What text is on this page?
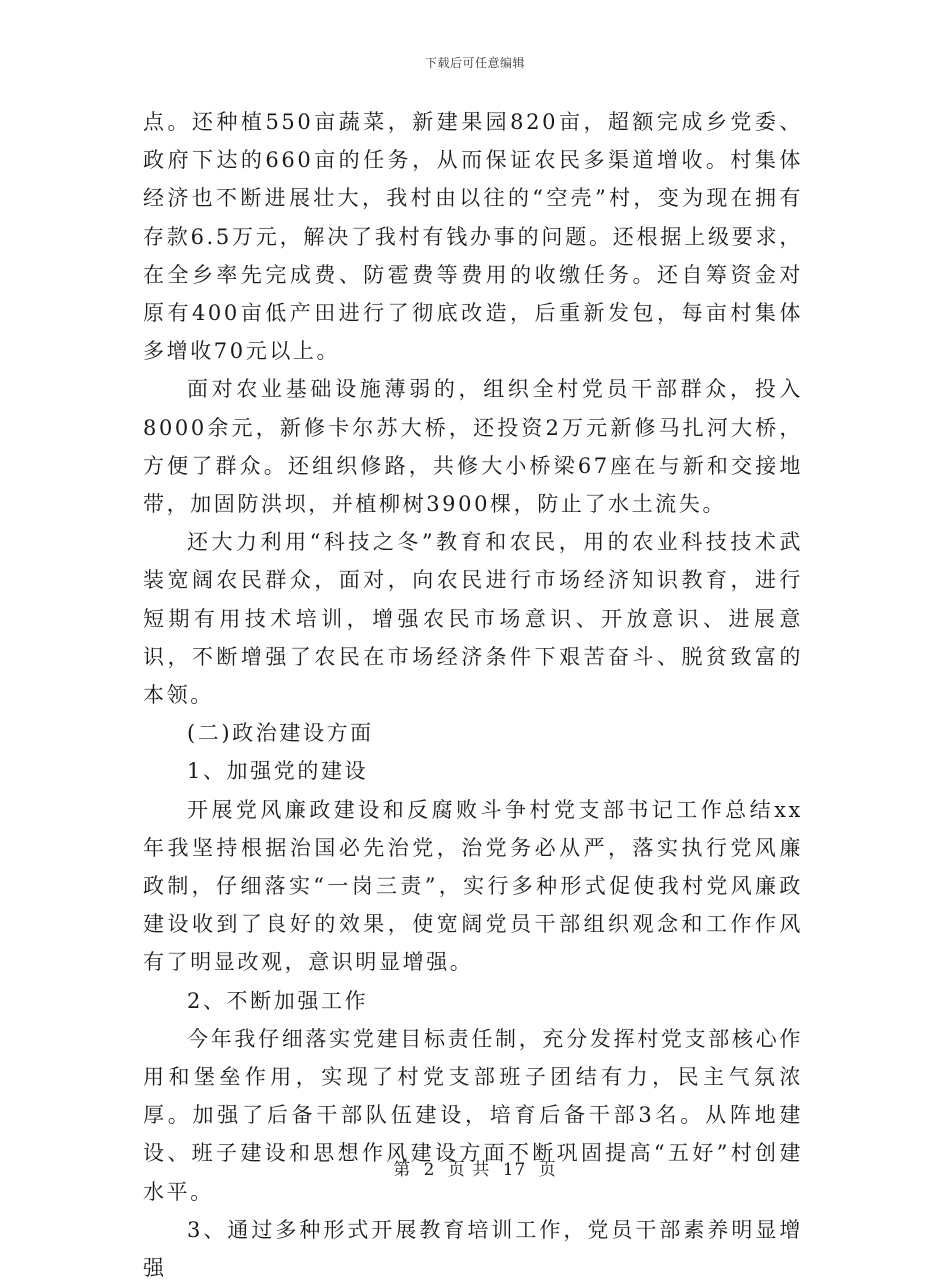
下载后可任意编辑

点。还种植550亩蔬菜，新建果园820亩，超额完成乡党委、政府下达的660亩的任务，从而保证农民多渠道增收。村集体经济也不断进展壮大，我村由以往的“空壳”村，变为现在拥有存款6.5万元，解决了我村有钱办事的问题。还根据上级要求，在全乡率先完成费、防雹费等费用的收缴任务。还自筹资金对原有400亩低产田进行了彻底改造，后重新发包，每亩村集体多增收70元以上。

面对农业基础设施薄弱的，组织全村党员干部群众，投入8000余元，新修卡尔苏大桥，还投资2万元新修马扎河大桥，方便了群众。还组织修路，共修大小桥梁67座在与新和交接地带，加固防洪坝，并植柳树3900棵，防止了水土流失。

还大力利用“科技之冬”教育和农民，用的农业科技技术武装宽阔农民群众，面对，向农民进行市场经济知识教育，进行短期有用技术培训，增强农民市场意识、开放意识、进展意识，不断增强了农民在市场经济条件下艰苦奋斗、脱贫致富的本领。

(二)政治建设方面

1、加强党的建设

开展党风廉政建设和反腐败斗争村党支部书记工作总结xx年我坚持根据治国必先治党，治党务必从严，落实执行党风廉政制，仔细落实“一岗三责”，实行多种形式促使我村党风廉政建设收到了良好的效果，使宽阔党员干部组织观念和工作作风有了明显改观，意识明显增强。

2、不断加强工作

今年我仔细落实党建目标责任制，充分发挥村党支部核心作用和堡垒作用，实现了村党支部班子团结有力，民主气氛浓厚。加强了后备干部队伍建设，培育后备干部3名。从阵地建设、班子建设和思想作风建设方面不断巩固提高“五好”村创建水平。

3、通过多种形式开展教育培训工作，党员干部素养明显增强

第 2 页 共 17 页
